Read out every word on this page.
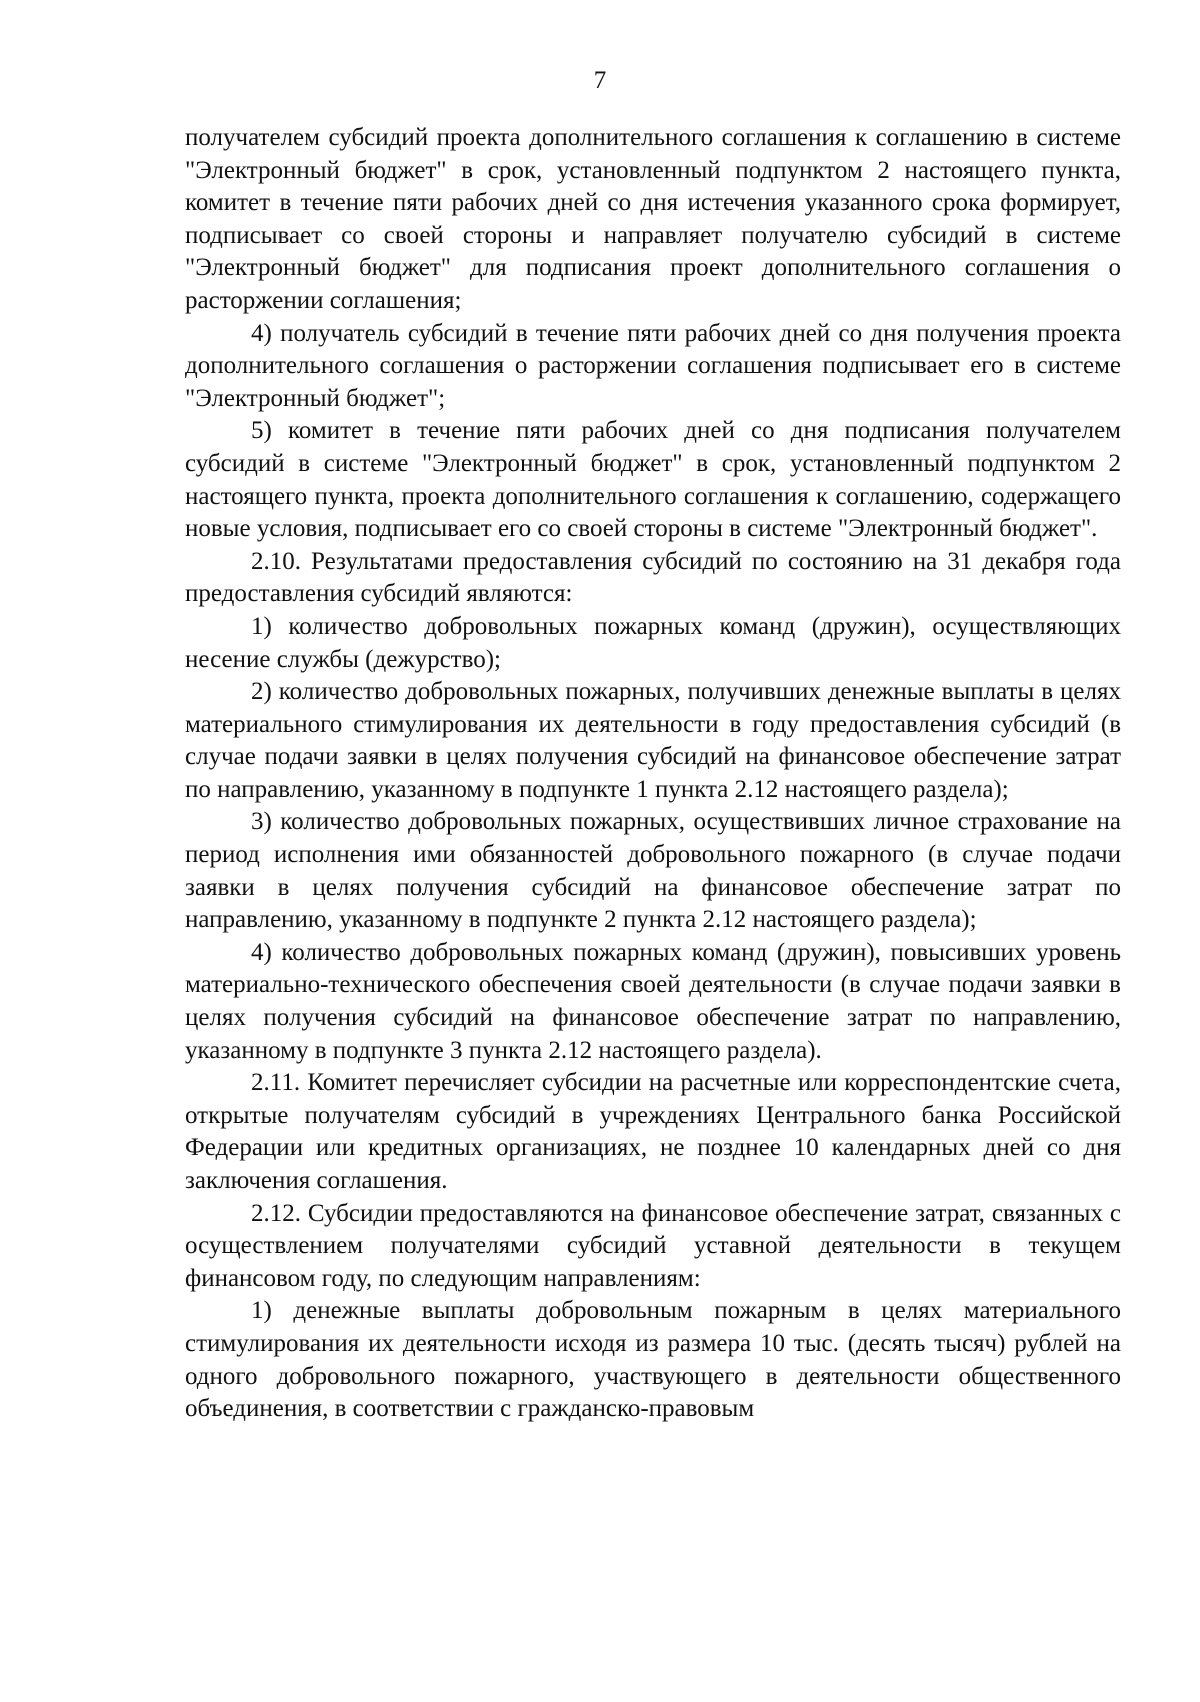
7

получателем субсидий проекта дополнительного соглашения к соглашению в системе "Электронный бюджет" в срок, установленный подпунктом 2 настоящего пункта, комитет в течение пяти рабочих дней со дня истечения указанного срока формирует, подписывает со своей стороны и направляет получателю субсидий в системе "Электронный бюджет" для подписания проект дополнительного соглашения о расторжении соглашения;

4) получатель субсидий в течение пяти рабочих дней со дня получения проекта дополнительного соглашения о расторжении соглашения подписывает его в системе "Электронный бюджет";

5) комитет в течение пяти рабочих дней со дня подписания получателем субсидий в системе "Электронный бюджет" в срок, установленный подпунктом 2 настоящего пункта, проекта дополнительного соглашения к соглашению, содержащего новые условия, подписывает его со своей стороны в системе "Электронный бюджет".

2.10. Результатами предоставления субсидий по состоянию на 31 декабря года предоставления субсидий являются:

1) количество добровольных пожарных команд (дружин), осуществляющих несение службы (дежурство);

2) количество добровольных пожарных, получивших денежные выплаты в целях материального стимулирования их деятельности в году предоставления субсидий (в случае подачи заявки в целях получения субсидий на финансовое обеспечение затрат по направлению, указанному в подпункте 1 пункта 2.12 настоящего раздела);

3) количество добровольных пожарных, осуществивших личное страхование на период исполнения ими обязанностей добровольного пожарного (в случае подачи заявки в целях получения субсидий на финансовое обеспечение затрат по направлению, указанному в подпункте 2 пункта 2.12 настоящего раздела);

4) количество добровольных пожарных команд (дружин), повысивших уровень материально-технического обеспечения своей деятельности (в случае подачи заявки в целях получения субсидий на финансовое обеспечение затрат по направлению, указанному в подпункте 3 пункта 2.12 настоящего раздела).

2.11. Комитет перечисляет субсидии на расчетные или корреспондентские счета, открытые получателям субсидий в учреждениях Центрального банка Российской Федерации или кредитных организациях, не позднее 10 календарных дней со дня заключения соглашения.

2.12. Субсидии предоставляются на финансовое обеспечение затрат, связанных с осуществлением получателями субсидий уставной деятельности в текущем финансовом году, по следующим направлениям:

1) денежные выплаты добровольным пожарным в целях материального стимулирования их деятельности исходя из размера 10 тыс. (десять тысяч) рублей на одного добровольного пожарного, участвующего в деятельности общественного объединения, в соответствии с гражданско-правовым
